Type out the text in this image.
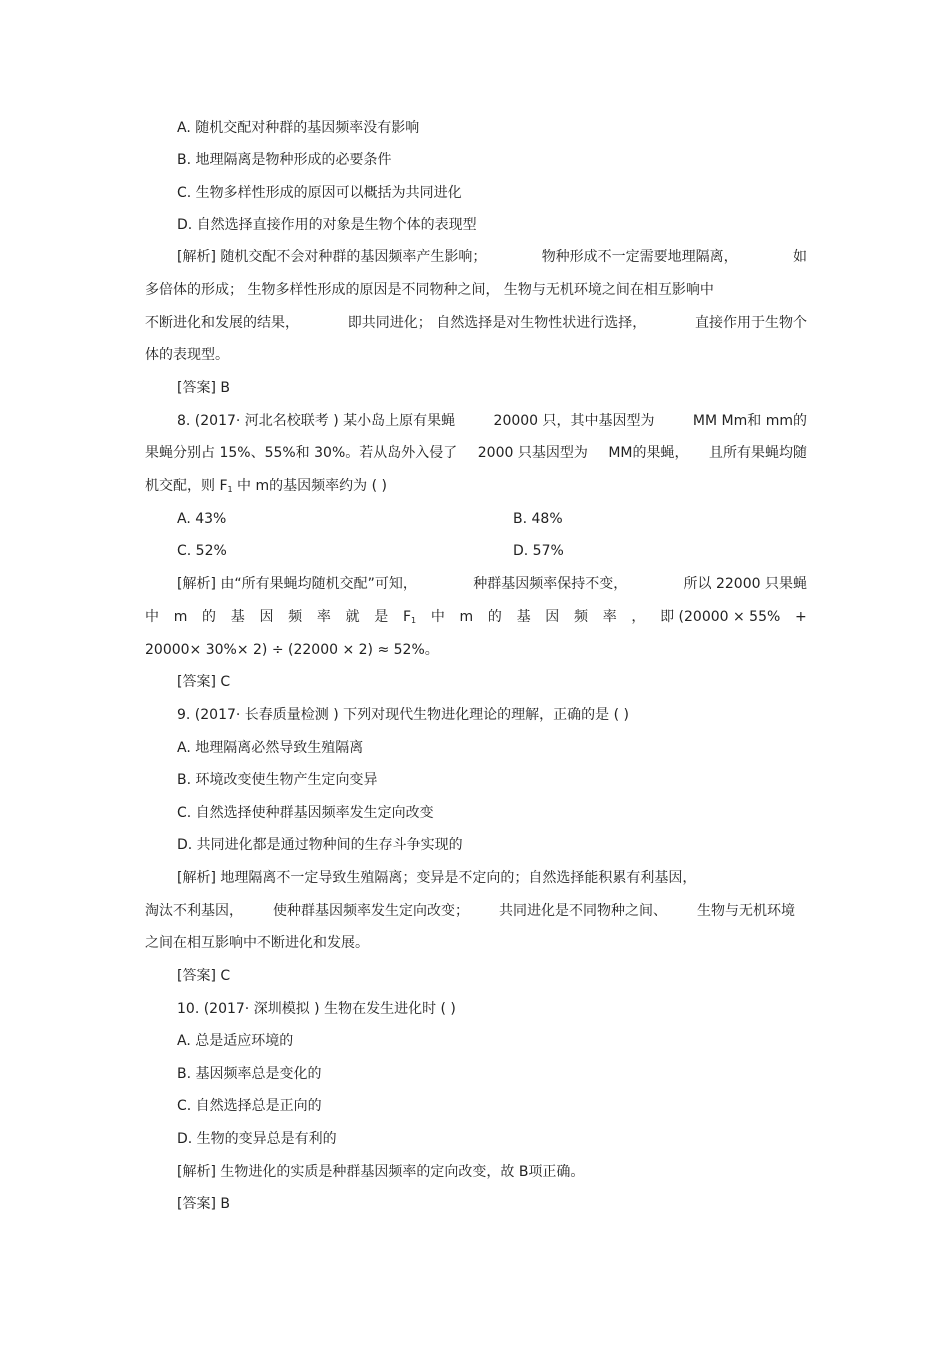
A. 随机交配对种群的基因频率没有影响
B. 地理隔离是物种形成的必要条件
C. 生物多样性形成的原因可以概括为共同进化
D. 自然选择直接作用的对象是生物个体的表现型
[解析] 随机交配不会对种群的基因频率产生影响；	物种形成不一定需要地理隔离，	如
多倍体的形成； 生物多样性形成的原因是不同物种之间， 生物与无机环境之间在相互影响中
不断进化和发展的结果，	即共同进化； 自然选择是对生物性状进行选择，	直接作用于生物个
体的表现型。
[答案] B
8. (2017· 河北名校联考 ) 某小岛上原有果蝇	20000 只，其中基因型为	MM Mm和 mm的
果蝇分别占 15%、55%和 30%。若从岛外入侵了 2000 只基因型为 MM的果蝇， 且所有果蝇均随
机交配，则 $F_1$ 中 m的基因频率约为 ( )
A. 43%	B. 48%
C. 52%	D. 57%
[解析] 由“所有果蝇均随机交配”可知，	种群基因频率保持不变，	所以 22000 只果蝇
中 m 的 基 因 频 率 就 是 $F_1$ 中 m 的 基 因 频 率 ， 即 (20000 × 55% +
20000× 30%× 2) ÷ (22000 × 2) ≈ 52%。
[答案] C
9. (2017· 长春质量检测 ) 下列对现代生物进化理论的理解，正确的是 ( )
A. 地理隔离必然导致生殖隔离
B. 环境改变使生物产生定向变异
C. 自然选择使种群基因频率发生定向改变
D. 共同进化都是通过物种间的生存斗争实现的
[解析] 地理隔离不一定导致生殖隔离；变异是不定向的；自然选择能积累有利基因，
淘汰不利基因， 使种群基因频率发生定向改变； 共同进化是不同物种之间、 生物与无机环境
之间在相互影响中不断进化和发展。
[答案] C
10. (2017· 深圳模拟 ) 生物在发生进化时 ( )
A. 总是适应环境的
B. 基因频率总是变化的
C. 自然选择总是正向的
D. 生物的变异总是有利的
[解析] 生物进化的实质是种群基因频率的定向改变，故 B项正确。
[答案] B
